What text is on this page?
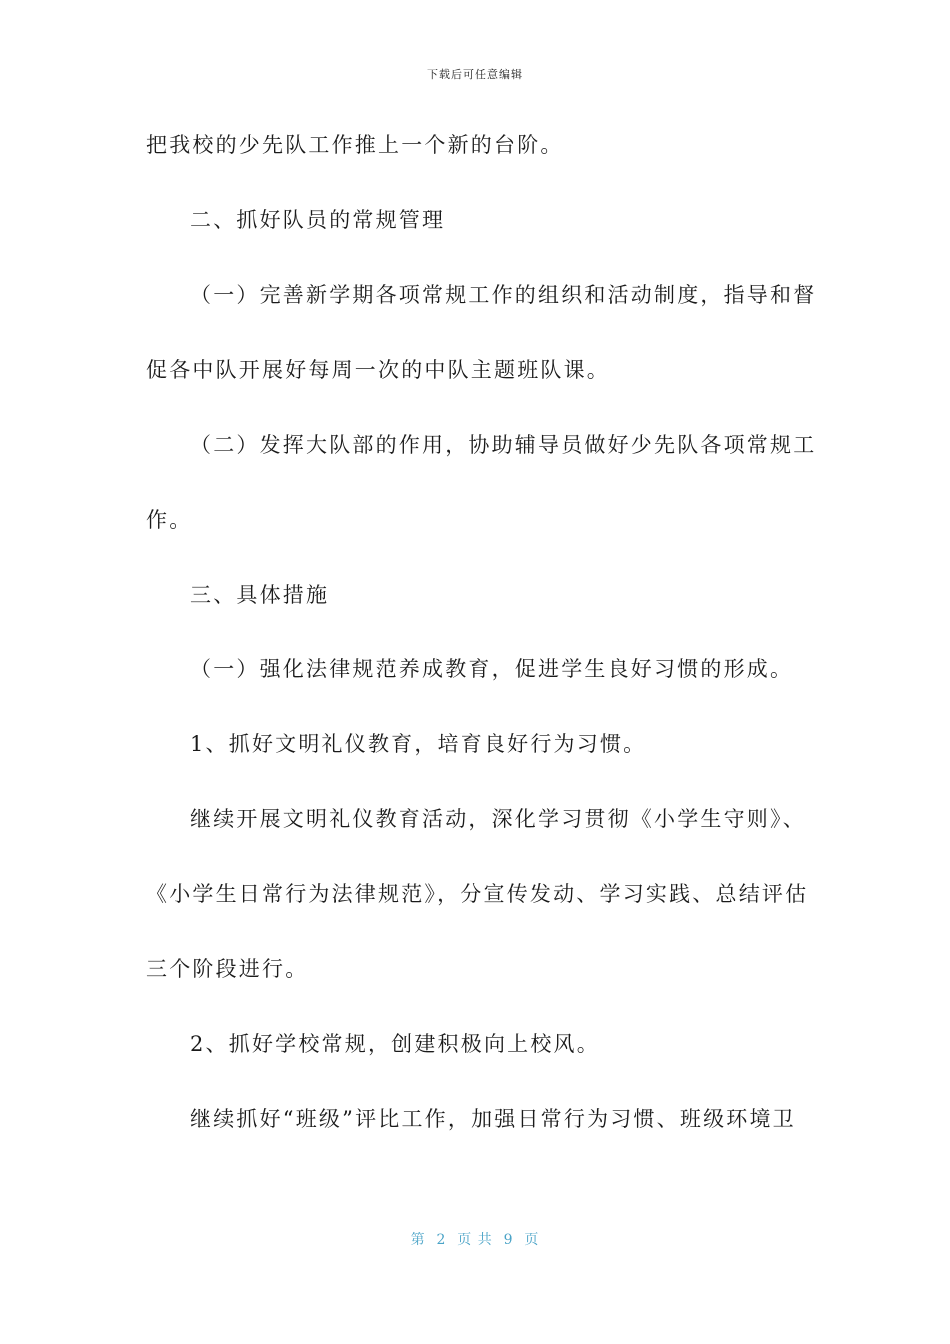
下载后可任意编辑
把我校的少先队工作推上一个新的台阶。
二、抓好队员的常规管理
（一）完善新学期各项常规工作的组织和活动制度，指导和督
促各中队开展好每周一次的中队主题班队课。
（二）发挥大队部的作用，协助辅导员做好少先队各项常规工
作。
三、具体措施
（一）强化法律规范养成教育，促进学生良好习惯的形成。
1、抓好文明礼仪教育，培育良好行为习惯。
继续开展文明礼仪教育活动，深化学习贯彻《小学生守则》、
《小学生日常行为法律规范》，分宣传发动、学习实践、总结评估
三个阶段进行。
2、抓好学校常规，创建积极向上校风。
继续抓好“班级”评比工作，加强日常行为习惯、班级环境卫
第  2  页 共  9  页
